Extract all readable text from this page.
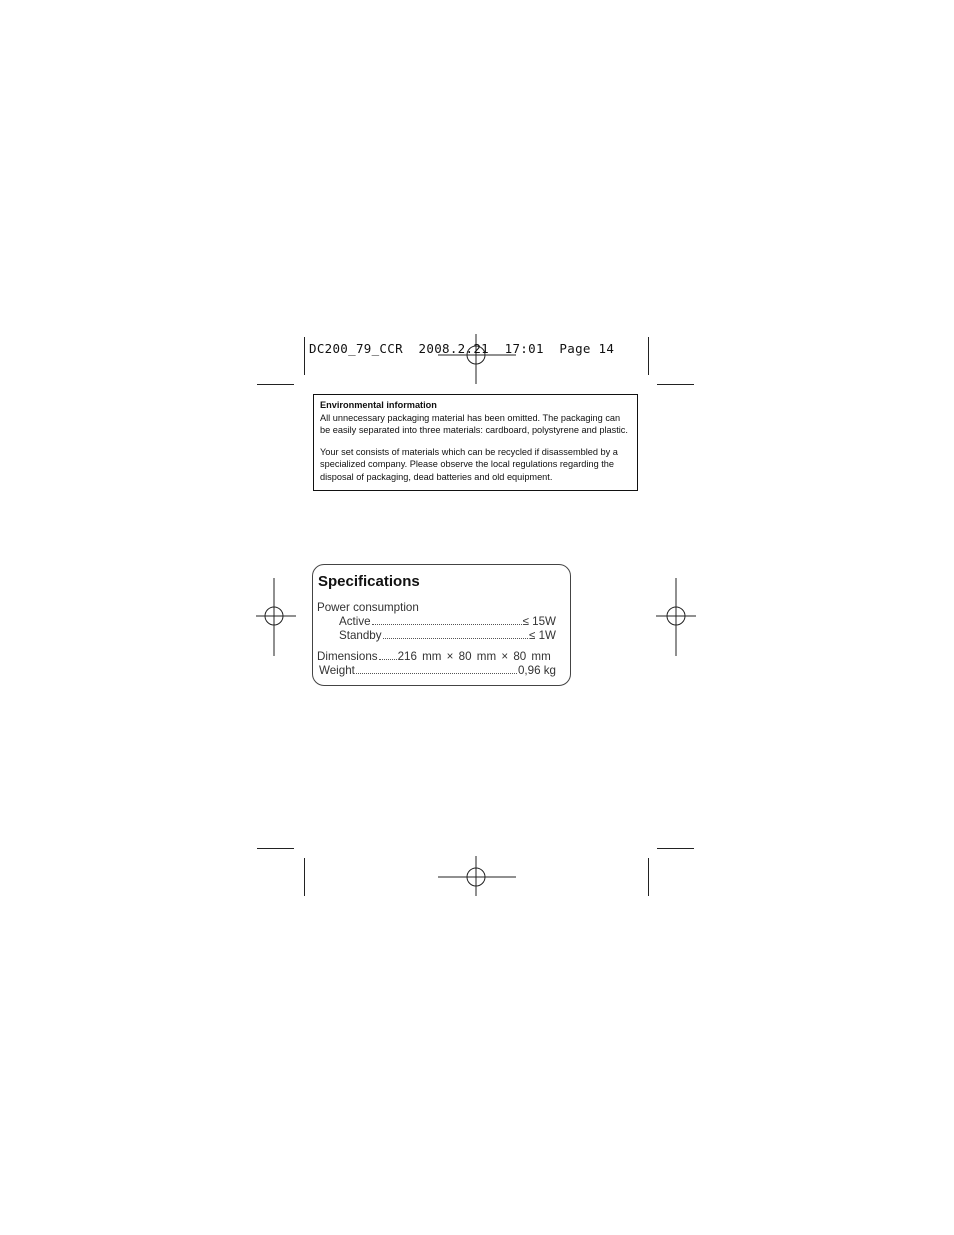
DC200_79_CCR  2008.2.21  17:01  Page 14
Environmental information

All unnecessary packaging material has been omitted. The packaging can be easily separated into three materials: cardboard, polystyrene and plastic.

Your set consists of materials which can be recycled if disassembled by a specialized company. Please observe the local regulations regarding the disposal of packaging, dead batteries and old equipment.

Specifications
Power consumption
Active	≤ 15W
Standby	≤ 1W
Dimensions 216 mm × 80 mm × 80 mm
Weight	0,96 kg
